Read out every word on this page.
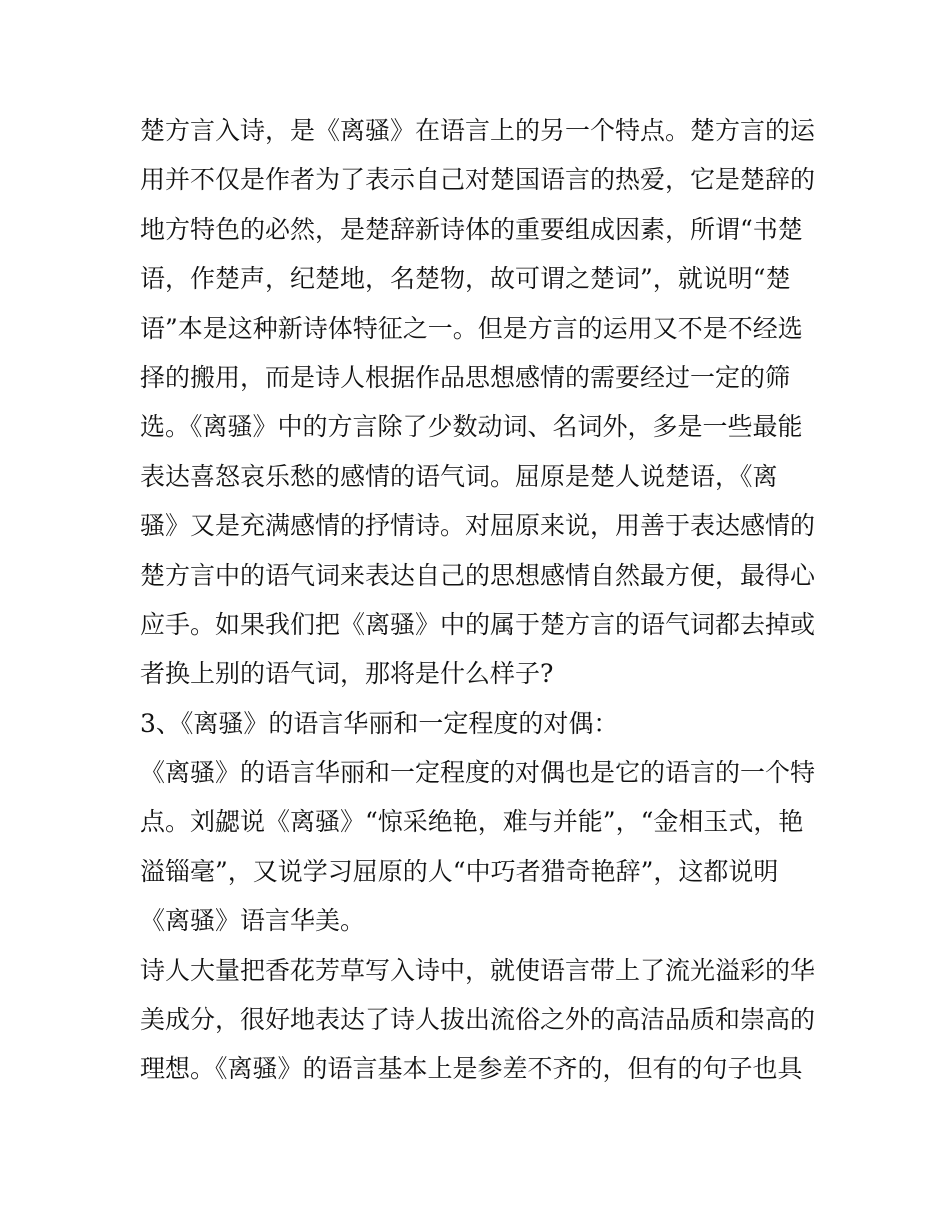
楚方言入诗，是《离骚》在语言上的另一个特点。楚方言的运
用并不仅是作者为了表示自己对楚国语言的热爱，它是楚辞的
地方特色的必然，是楚辞新诗体的重要组成因素，所谓“书楚
语，作楚声，纪楚地，名楚物，故可谓之楚词”，就说明“楚
语”本是这种新诗体特征之一。但是方言的运用又不是不经选
择的搬用，而是诗人根据作品思想感情的需要经过一定的筛
选。《离骚》中的方言除了少数动词、名词外，多是一些最能
表达喜怒哀乐愁的感情的语气词。屈原是楚人说楚语，《离
骚》又是充满感情的抒情诗。对屈原来说，用善于表达感情的
楚方言中的语气词来表达自己的思想感情自然最方便，最得心
应手。如果我们把《离骚》中的属于楚方言的语气词都去掉或
者换上别的语气词，那将是什么样子?
3、《离骚》的语言华丽和一定程度的对偶：
《离骚》的语言华丽和一定程度的对偶也是它的语言的一个特
点。刘勰说《离骚》“惊采绝艳，难与并能”，“金相玉式，艳
溢锱毫”，又说学习屈原的人“中巧者猎奇艳辞”，这都说明
《离骚》语言华美。
诗人大量把香花芳草写入诗中，就使语言带上了流光溢彩的华
美成分，很好地表达了诗人拔出流俗之外的高洁品质和崇高的
理想。《离骚》的语言基本上是参差不齐的，但有的句子也具
